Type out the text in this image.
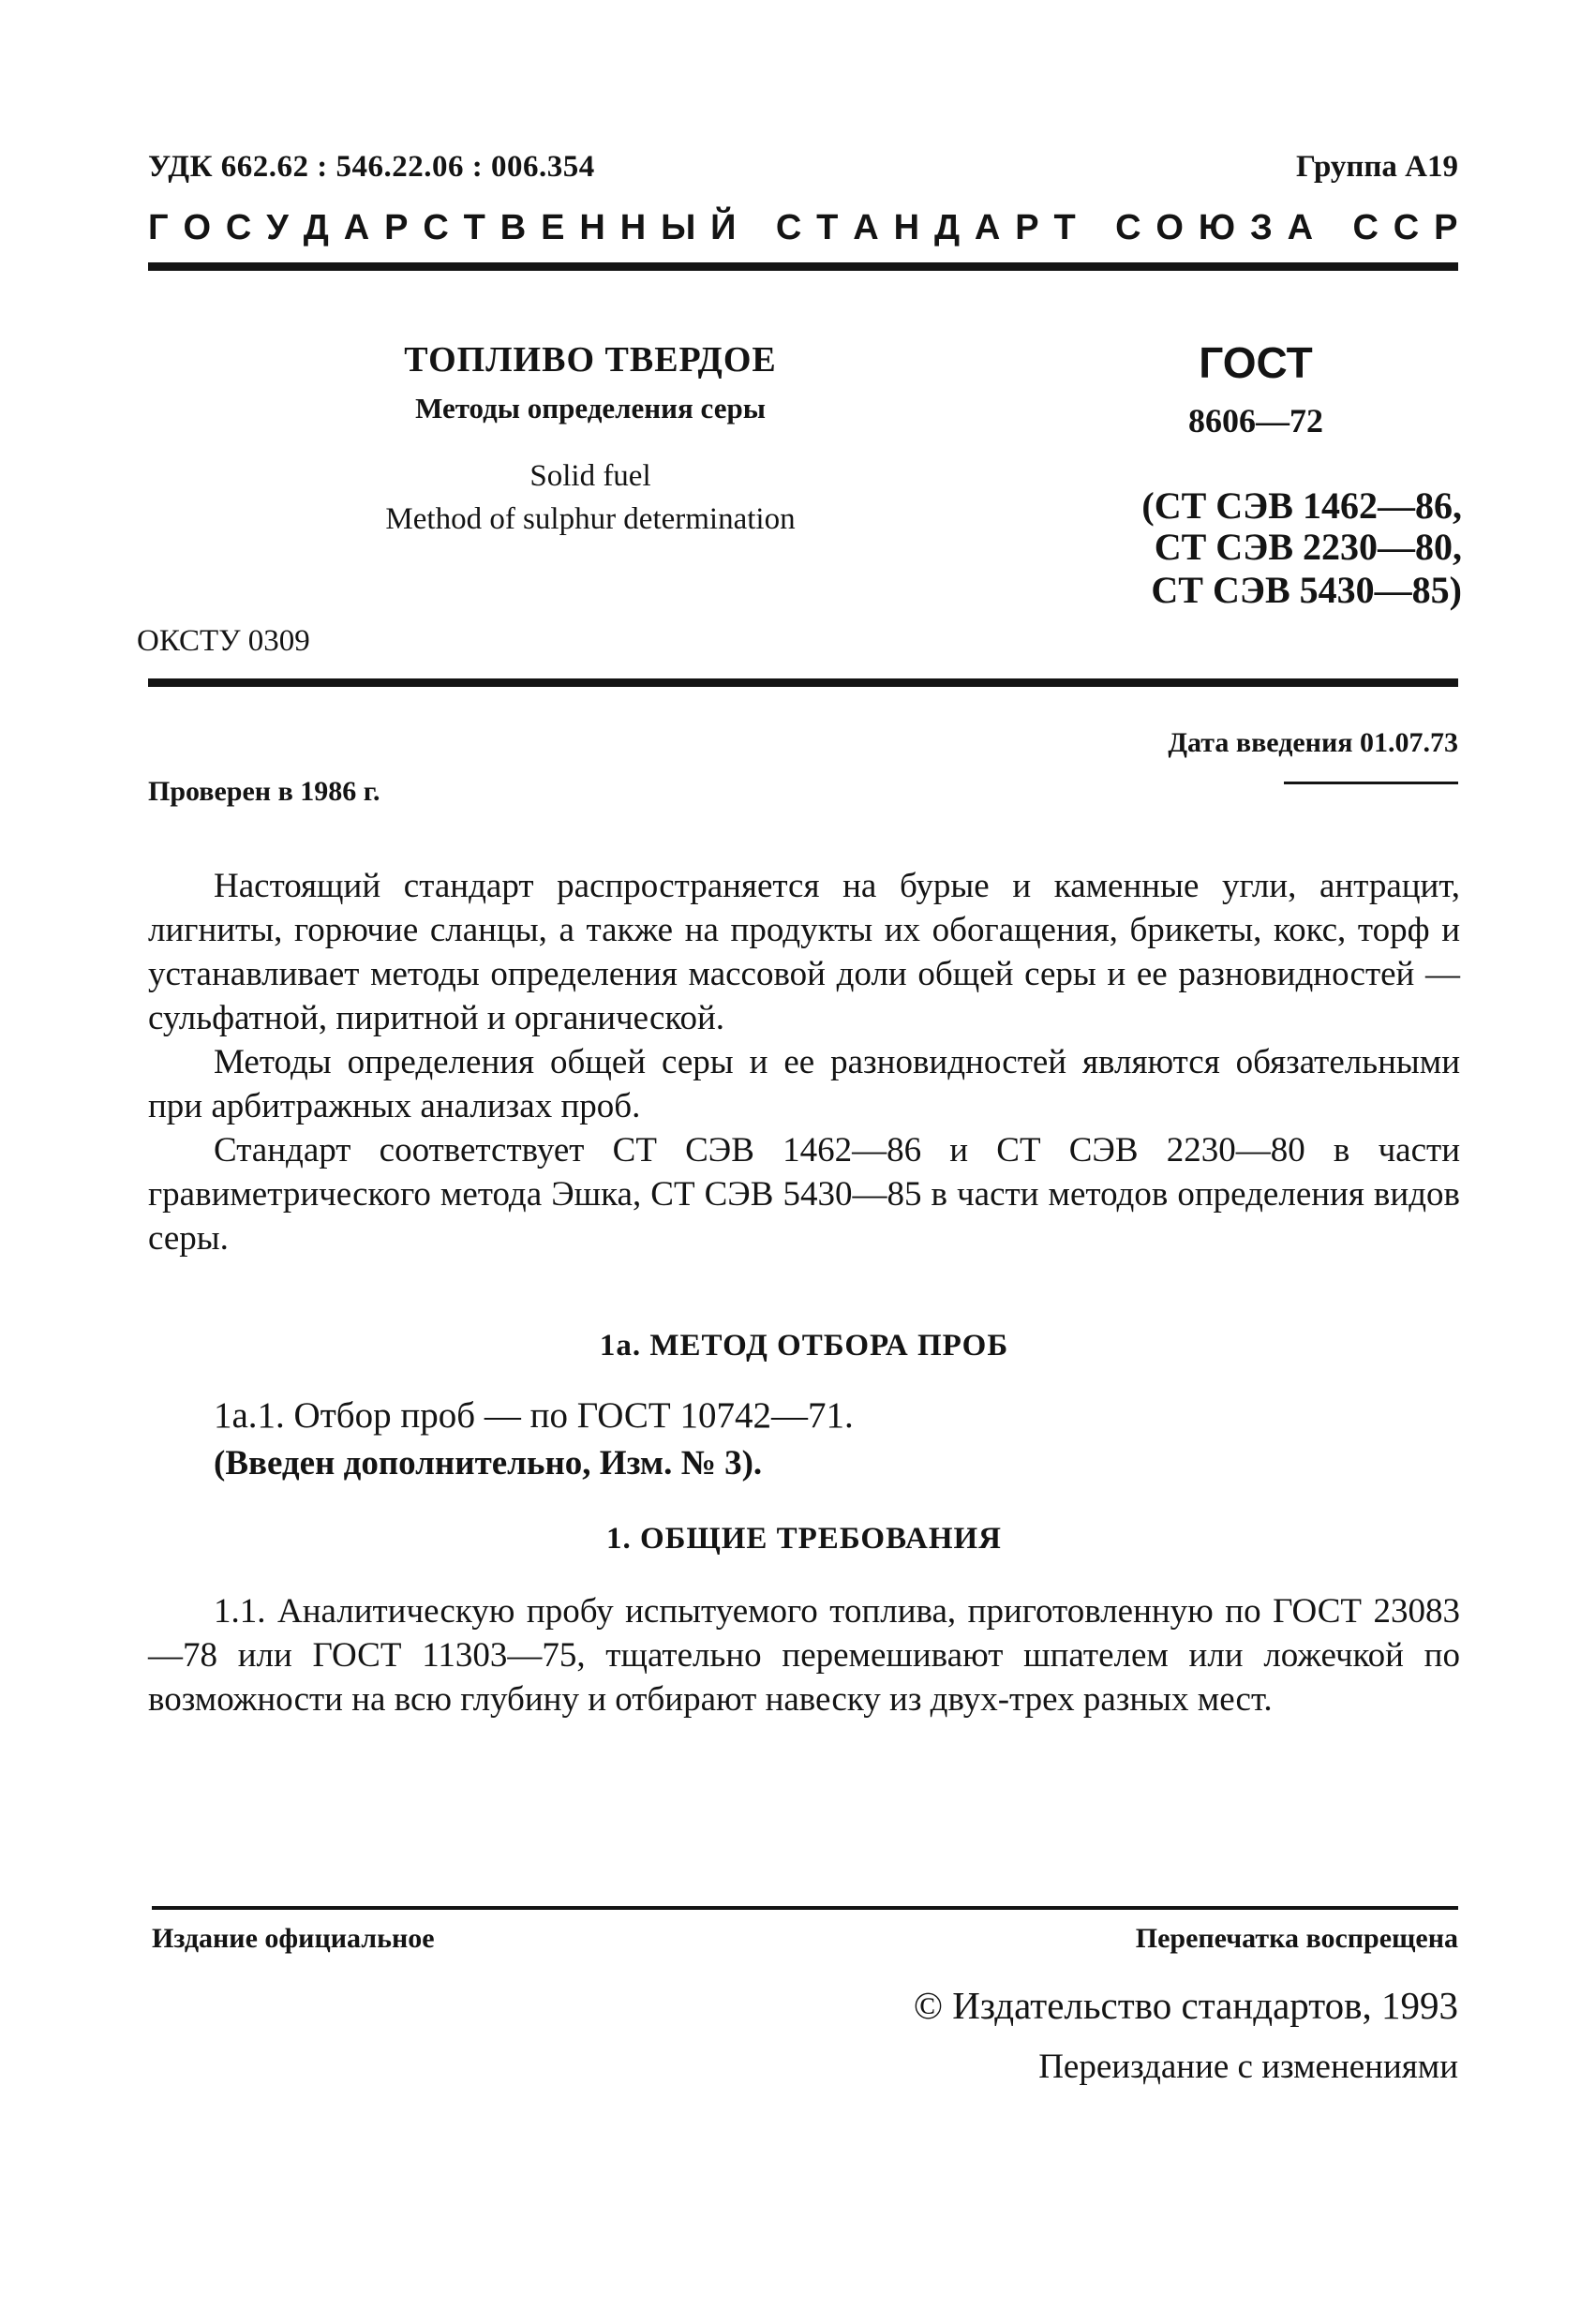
УДК 662.62 : 546.22.06 : 006.354	Группа А19
Г О С У Д А Р С Т В Е Н Н Ы Й
С Т А Н Д А Р Т
С О Ю З А
С С Р
ТОПЛИВО ТВЕРДОЕ
Методы определения серы
Solid fuel
Method of sulphur determination
ГОСТ
8606—72
(СТ СЭВ 1462—86,
СТ СЭВ 2230—80,
СТ СЭВ 5430—85)
ОКСТУ 0309
Дата введения 01.07.73
Проверен в 1986 г.

Настоящий стандарт распространяется на бурые и каменные угли, антрацит, лигниты, горючие сланцы, а также на продукты их обогащения, брикеты, кокс, торф и устанавливает методы определения массовой доли общей серы и ее разновидностей — сульфатной, пиритной и органической.

Методы определения общей серы и ее разновидностей являются обязательными при арбитражных анализах проб.

Стандарт соответствует СТ СЭВ 1462—86 и СТ СЭВ 2230—80 в части гравиметрического метода Эшка, СТ СЭВ 5430—85 в части методов определения видов серы.

1а. МЕТОД ОТБОРА ПРОБ
1а.1. Отбор проб — по ГОСТ 10742—71.
(Введен дополнительно, Изм. № 3).
1. ОБЩИЕ ТРЕБОВАНИЯ

1.1. Аналитическую пробу испытуемого топлива, приготовленную по ГОСТ 23083—78 или ГОСТ 11303—75, тщательно перемешивают шпателем или ложечкой по возможности на всю глубину и отбирают навеску из двух-трех разных мест.

Издание официальное	Перепечатка воспрещена
© Издательство стандартов, 1993
Переиздание с изменениями
